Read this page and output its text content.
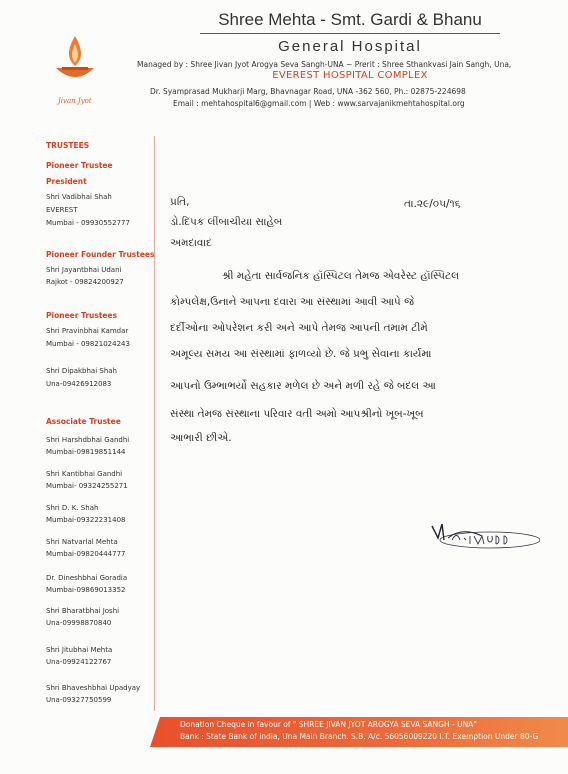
Jivan Jyot
Shree Mehta - Smt. Gardi & Bhanu
General Hospital
Managed by : Shree Jivan Jyot Arogya Seva Sangh-UNA ~ Prerit : Shree Sthankvasi Jain Sangh, Una,
EVEREST HOSPITAL COMPLEX
Dr. Syamprasad Mukharji Marg, Bhavnagar Road, UNA -362 560, Ph.: 02875-224698
Email : mehtahospital6@gmail.com | Web : www.sarvajanikmehtahospital.org
TRUSTEES
Pioneer Trustee
President
Shri Vadibhai Shah
EVEREST
Mumbai - 09930552777
Pioneer Founder Trustees
Shri Jayantbhai Udani
Rajkot - 09824200927
Pioneer Trustees
Shri Pravinbhai Kamdar
Mumbai - 09821024243
Shri Dipakbhai Shah
Una-09426912083
Associate Trustee
Shri Harshdbhai Gandhi
Mumbai-09819851144
Shri Kantibhai Gandhi
Mumbai- 09324255271
Shri D. K. Shah
Mumbai-09322231408
Shri Natvarlal Mehta
Mumbai-09820444777
Dr. Dineshbhai Goradia
Mumbai-09869013352
Shri Bharatbhai Joshi
Una-09998870840
Shri Jitubhai Mehta
Una-09924122767
Shri Bhaveshbhai Upadyay
Una-09327750599
પ્રતિ,	તા.૨૯/૦૫/૧૬
ડો.દિપક લીંબાચીયા સાહેબ
અમદાવાદ
શ્રી મહેતા સાર્વજનિક હૉસ્પિટલ તેમજ એવરેસ્ટ હૉસ્પિટલ
કોમ્પલેક્ષ,ઉનાને આપના દવારા આ સંસ્થામાં આવી આપે જે
દર્દીઓના ઓપરેશન કરી અને આપે તેમજ આપની તમામ ટીમે
અમૂલ્ય સમય આ સંસ્થામાં ફાળવ્યો છે. જે પ્રભુ સેવાના કાર્યમા
આપનો ઉમ્ભાભર્યો સહકાર મળેલ છે અને મળી રહે જે બદલ આ
સંસ્થા તેમજ સંસ્થાના પરિવાર વતી અમો આપશ્રીનો ખૂબ-ખૂબ
આભારી છીએ.
Donation Cheque in favour of " SHREE JIVAN JYOT AROGYA SEVA SANGH - UNA"
Bank : State Bank of india, Una Main Branch. S.B. A/c. 56056009220 I.T. Exemption Under 80-G
